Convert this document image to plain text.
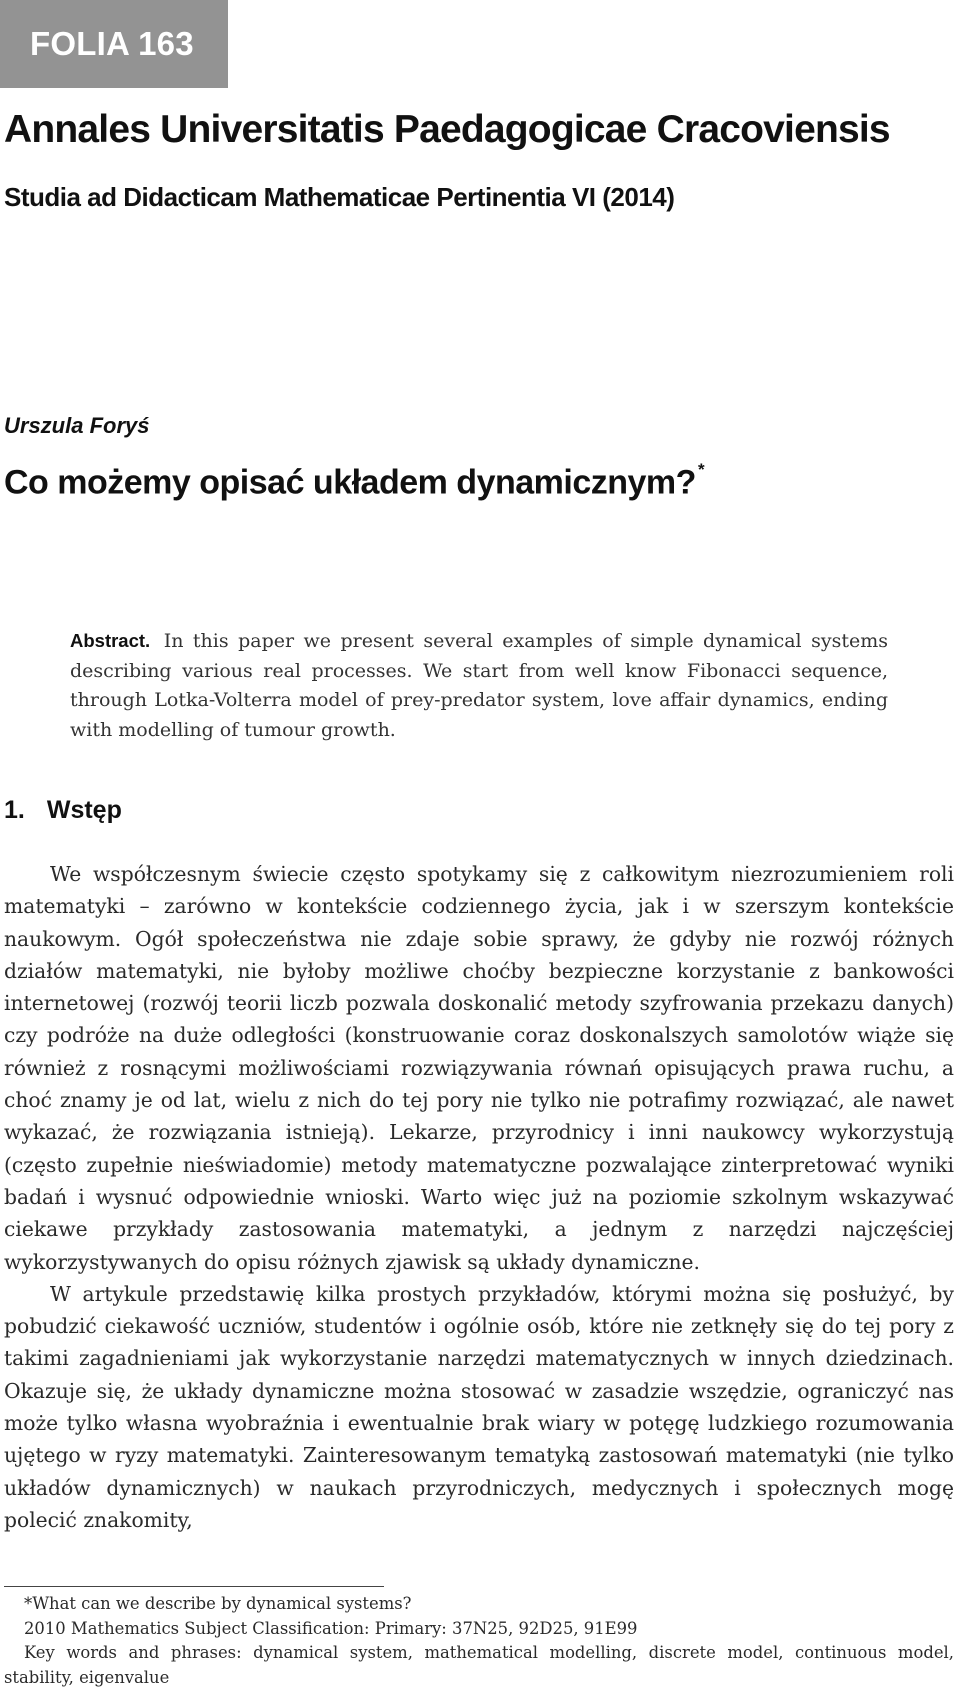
FOLIA 163
Annales Universitatis Paedagogicae Cracoviensis
Studia ad Didacticam Mathematicae Pertinentia VI (2014)
Urszula Foryś
Co możemy opisać układem dynamicznym? *
Abstract. In this paper we present several examples of simple dynamical systems describing various real processes. We start from well know Fibonacci sequence, through Lotka-Volterra model of prey-predator system, love affair dynamics, ending with modelling of tumour growth.
1. Wstęp

We współczesnym świecie często spotykamy się z całkowitym niezrozumieniem roli matematyki – zarówno w kontekście codziennego życia, jak i w szerszym kontekście naukowym. Ogół społeczeństwa nie zdaje sobie sprawy, że gdyby nie rozwój różnych działów matematyki, nie byłoby możliwe choćby bezpieczne korzystanie z bankowości internetowej (rozwój teorii liczb pozwala doskonalić metody szyfrowania przekazu danych) czy podróże na duże odległości (konstruowanie coraz doskonalszych samolotów wiąże się również z rosnącymi możliwościami rozwiązywania równań opisujących prawa ruchu, a choć znamy je od lat, wielu z nich do tej pory nie tylko nie potrafimy rozwiązać, ale nawet wykazać, że rozwiązania istnieją). Lekarze, przyrodnicy i inni naukowcy wykorzystują (często zupełnie nieświadomie) metody matematyczne pozwalające zinterpretować wyniki badań i wysnuć odpowiednie wnioski. Warto więc już na poziomie szkolnym wskazywać ciekawe przykłady zastosowania matematyki, a jednym z narzędzi najczęściej wykorzystywanych do opisu różnych zjawisk są układy dynamiczne.

W artykule przedstawię kilka prostych przykładów, którymi można się posłużyć, by pobudzić ciekawość uczniów, studentów i ogólnie osób, które nie zetknęły się do tej pory z takimi zagadnieniami jak wykorzystanie narzędzi matematycznych w innych dziedzinach. Okazuje się, że układy dynamiczne można stosować w zasadzie wszędzie, ograniczyć nas może tylko własna wyobraźnia i ewentualnie brak wiary w potęgę ludzkiego rozumowania ujętego w ryzy matematyki. Zainteresowanym tematyką zastosowań matematyki (nie tylko układów dynamicznych) w naukach przyrodniczych, medycznych i społecznych mogę polecić znakomity,

*What can we describe by dynamical systems?
2010 Mathematics Subject Classification: Primary: 37N25, 92D25, 91E99
Key words and phrases: dynamical system, mathematical modelling, discrete model, continuous model, stability, eigenvalue
